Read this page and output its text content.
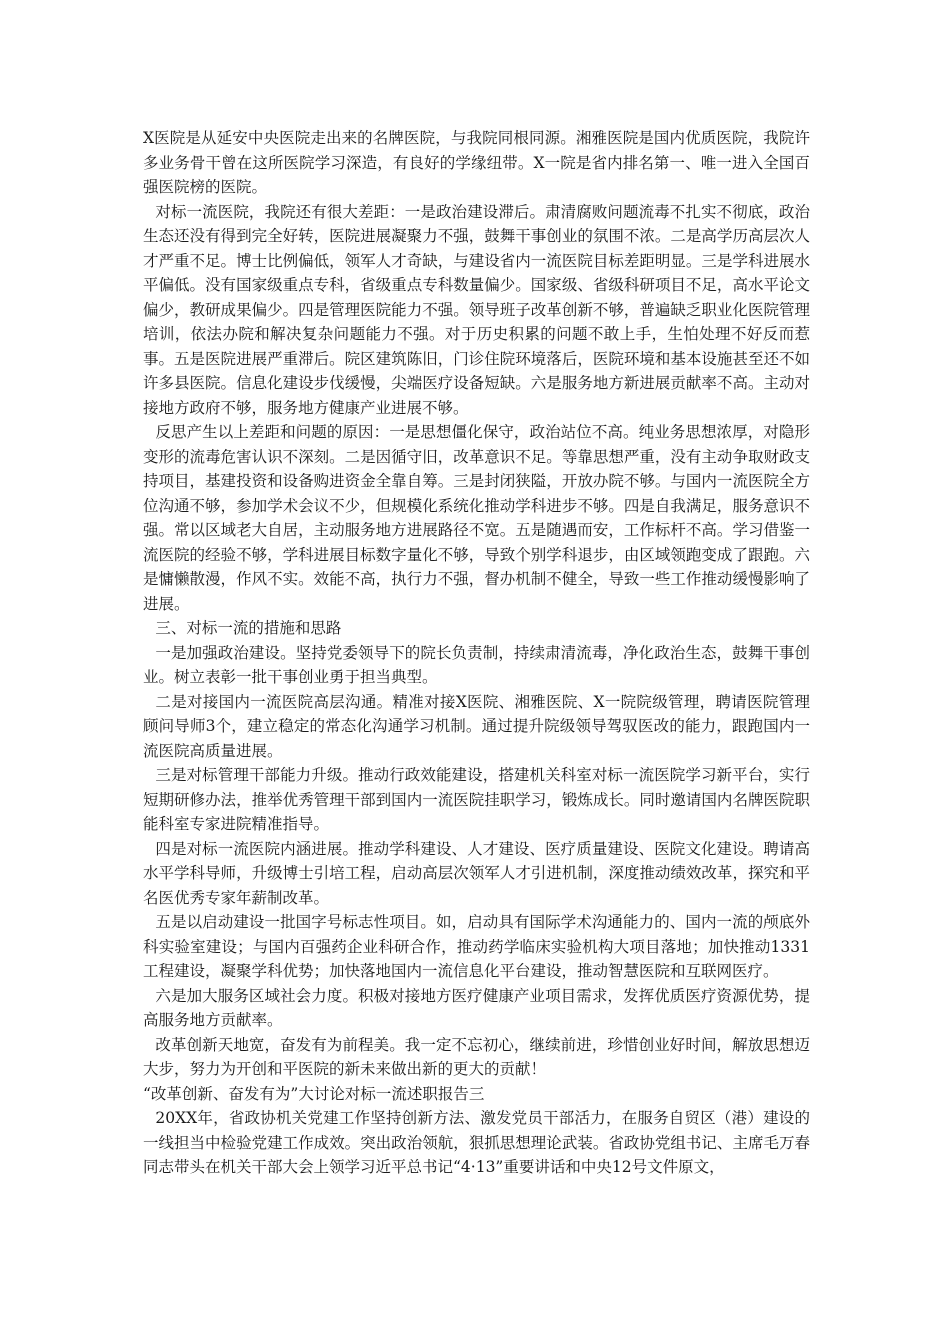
X医院是从延安中央医院走出来的名牌医院，与我院同根同源。湘雅医院是国内优质医院，我院许多业务骨干曾在这所医院学习深造，有良好的学缘纽带。X一院是省内排名第一、唯一进入全国百强医院榜的医院。

对标一流医院，我院还有很大差距：一是政治建设滞后。肃清腐败问题流毒不扎实不彻底，政治生态还没有得到完全好转，医院进展凝聚力不强，鼓舞干事创业的氛围不浓。二是高学历高层次人才严重不足。博士比例偏低，领军人才奇缺，与建设省内一流医院目标差距明显。三是学科进展水平偏低。没有国家级重点专科，省级重点专科数量偏少。国家级、省级科研项目不足，高水平论文偏少，教研成果偏少。四是管理医院能力不强。领导班子改革创新不够，普遍缺乏职业化医院管理培训，依法办院和解决复杂问题能力不强。对于历史积累的问题不敢上手，生怕处理不好反而惹事。五是医院进展严重滞后。院区建筑陈旧，门诊住院环境落后，医院环境和基本设施甚至还不如许多县医院。信息化建设步伐缓慢，尖端医疗设备短缺。六是服务地方新进展贡献率不高。主动对接地方政府不够，服务地方健康产业进展不够。

反思产生以上差距和问题的原因：一是思想僵化保守，政治站位不高。纯业务思想浓厚，对隐形变形的流毒危害认识不深刻。二是因循守旧，改革意识不足。等靠思想严重，没有主动争取财政支持项目，基建投资和设备购进资金全靠自筹。三是封闭狭隘，开放办院不够。与国内一流医院全方位沟通不够，参加学术会议不少，但规模化系统化推动学科进步不够。四是自我满足，服务意识不强。常以区域老大自居，主动服务地方进展路径不宽。五是随遇而安，工作标杆不高。学习借鉴一流医院的经验不够，学科进展目标数字量化不够，导致个别学科退步，由区域领跑变成了跟跑。六是慵懒散漫，作风不实。效能不高，执行力不强，督办机制不健全，导致一些工作推动缓慢影响了进展。

三、对标一流的措施和思路

一是加强政治建设。坚持党委领导下的院长负责制，持续肃清流毒，净化政治生态，鼓舞干事创业。树立表彰一批干事创业勇于担当典型。

二是对接国内一流医院高层沟通。精准对接X医院、湘雅医院、X一院院级管理，聘请医院管理顾问导师3个，建立稳定的常态化沟通学习机制。通过提升院级领导驾驭医改的能力，跟跑国内一流医院高质量进展。

三是对标管理干部能力升级。推动行政效能建设，搭建机关科室对标一流医院学习新平台，实行短期研修办法，推举优秀管理干部到国内一流医院挂职学习，锻炼成长。同时邀请国内名牌医院职能科室专家进院精准指导。

四是对标一流医院内涵进展。推动学科建设、人才建设、医疗质量建设、医院文化建设。聘请高水平学科导师，升级博士引培工程，启动高层次领军人才引进机制，深度推动绩效改革，探究和平名医优秀专家年薪制改革。

五是以启动建设一批国字号标志性项目。如，启动具有国际学术沟通能力的、国内一流的颅底外科实验室建设；与国内百强药企业科研合作，推动药学临床实验机构大项目落地；加快推动1331工程建设，凝聚学科优势；加快落地国内一流信息化平台建设，推动智慧医院和互联网医疗。

六是加大服务区域社会力度。积极对接地方医疗健康产业项目需求，发挥优质医疗资源优势，提高服务地方贡献率。

改革创新天地宽，奋发有为前程美。我一定不忘初心，继续前进，珍惜创业好时间，解放思想迈大步，努力为开创和平医院的新未来做出新的更大的贡献！

“改革创新、奋发有为”大讨论对标一流述职报告三

20XX年，省政协机关党建工作坚持创新方法、激发党员干部活力，在服务自贸区（港）建设的一线担当中检验党建工作成效。突出政治领航，狠抓思想理论武装。省政协党组书记、主席毛万春同志带头在机关干部大会上领学习近平总书记“4·13”重要讲话和中央12号文件原文，
